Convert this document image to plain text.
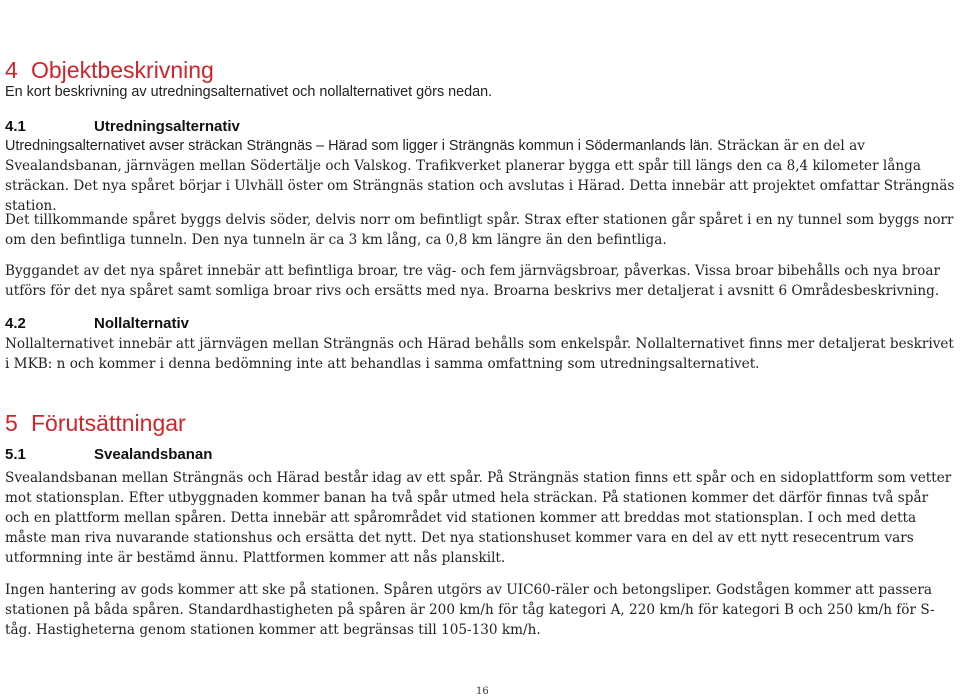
4 Objektbeskrivning
En kort beskrivning av utredningsalternativet och nollalternativet görs nedan.
4.1	Utredningsalternativ
Utredningsalternativet avser sträckan Strängnäs – Härad som ligger i Strängnäs kommun i Södermanlands län. Sträckan är en del av Svealandsbanan, järnvägen mellan Södertälje och Valskog. Trafikverket planerar bygga ett spår till längs den ca 8,4 kilometer långa sträckan. Det nya spåret börjar i Ulvhäll öster om Strängnäs station och avslutas i Härad. Detta innebär att projektet omfattar Strängnäs station.
Det tillkommande spåret byggs delvis söder, delvis norr om befintligt spår. Strax efter stationen går spåret i en ny tunnel som byggs norr om den befintliga tunneln. Den nya tunneln är ca 3 km lång, ca 0,8 km längre än den befintliga.
Byggandet av det nya spåret innebär att befintliga broar, tre väg- och fem järnvägsbroar, påverkas. Vissa broar bibehålls och nya broar utförs för det nya spåret samt somliga broar rivs och ersätts med nya. Broarna beskrivs mer detaljerat i avsnitt 6 Områdesbeskrivning.
4.2	Nollalternativ
Nollalternativet innebär att järnvägen mellan Strängnäs och Härad behålls som enkelspår. Nollalternativet finns mer detaljerat beskrivet i MKB: n och kommer i denna bedömning inte att behandlas i samma omfattning som utredningsalternativet.
5 Förutsättningar
5.1	Svealandsbanan
Svealandsbanan mellan Strängnäs och Härad består idag av ett spår. På Strängnäs station finns ett spår och en sidoplattform som vetter mot stationsplan. Efter utbyggnaden kommer banan ha två spår utmed hela sträckan. På stationen kommer det därför finnas två spår och en plattform mellan spåren. Detta innebär att spårområdet vid stationen kommer att breddas mot stationsplan. I och med detta måste man riva nuvarande stationshus och ersätta det nytt. Det nya stationshuset kommer vara en del av ett nytt resecentrum vars utformning inte är bestämd ännu. Plattformen kommer att nås planskilt.
Ingen hantering av gods kommer att ske på stationen. Spåren utgörs av UIC60-räler och betongsliper. Godstågen kommer att passera stationen på båda spåren. Standardhastigheten på spåren är 200 km/h för tåg kategori A, 220 km/h för kategori B och 250 km/h för S-tåg. Hastigheterna genom stationen kommer att begränsas till 105-130 km/h.
16
